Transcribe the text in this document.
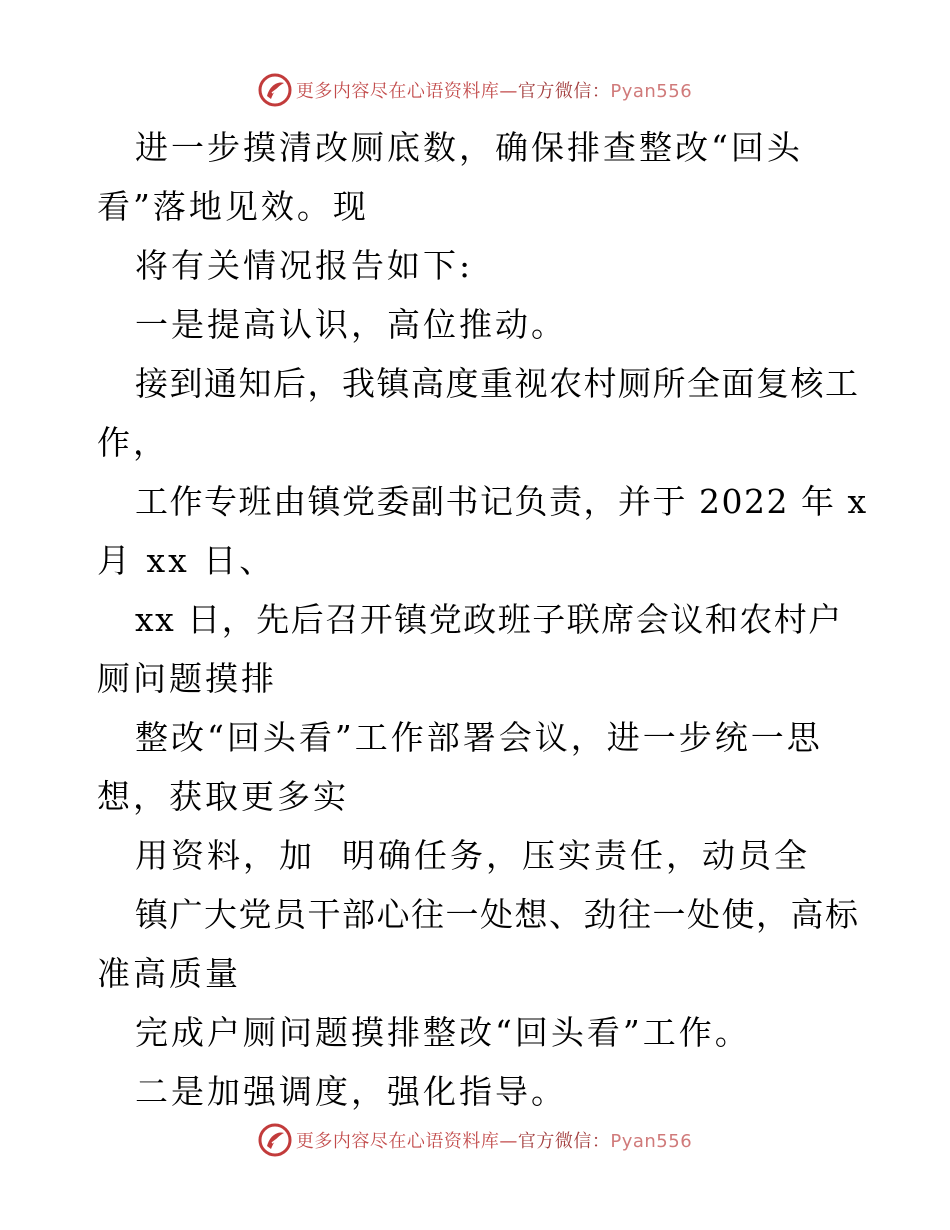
更多内容尽在心语资料库—官方微信：Pyan556
进一步摸清改厕底数，确保排查整改“回头
看”落地见效。现
将有关情况报告如下:
一是提高认识，高位推动。
接到通知后，我镇高度重视农村厕所全面复核工
作，
工作专班由镇党委副书记负责，并于 2022 年 x
月 xx 日、
xx 日，先后召开镇党政班子联席会议和农村户
厕问题摸排
整改“回头看”工作部署会议，进一步统一思
想，获取更多实
用资料，加  明确任务，压实责任，动员全
镇广大党员干部心往一处想、劲往一处使，高标
准高质量
完成户厕问题摸排整改“回头看”工作。
二是加强调度，强化指导。
更多内容尽在心语资料库—官方微信：Pyan556
